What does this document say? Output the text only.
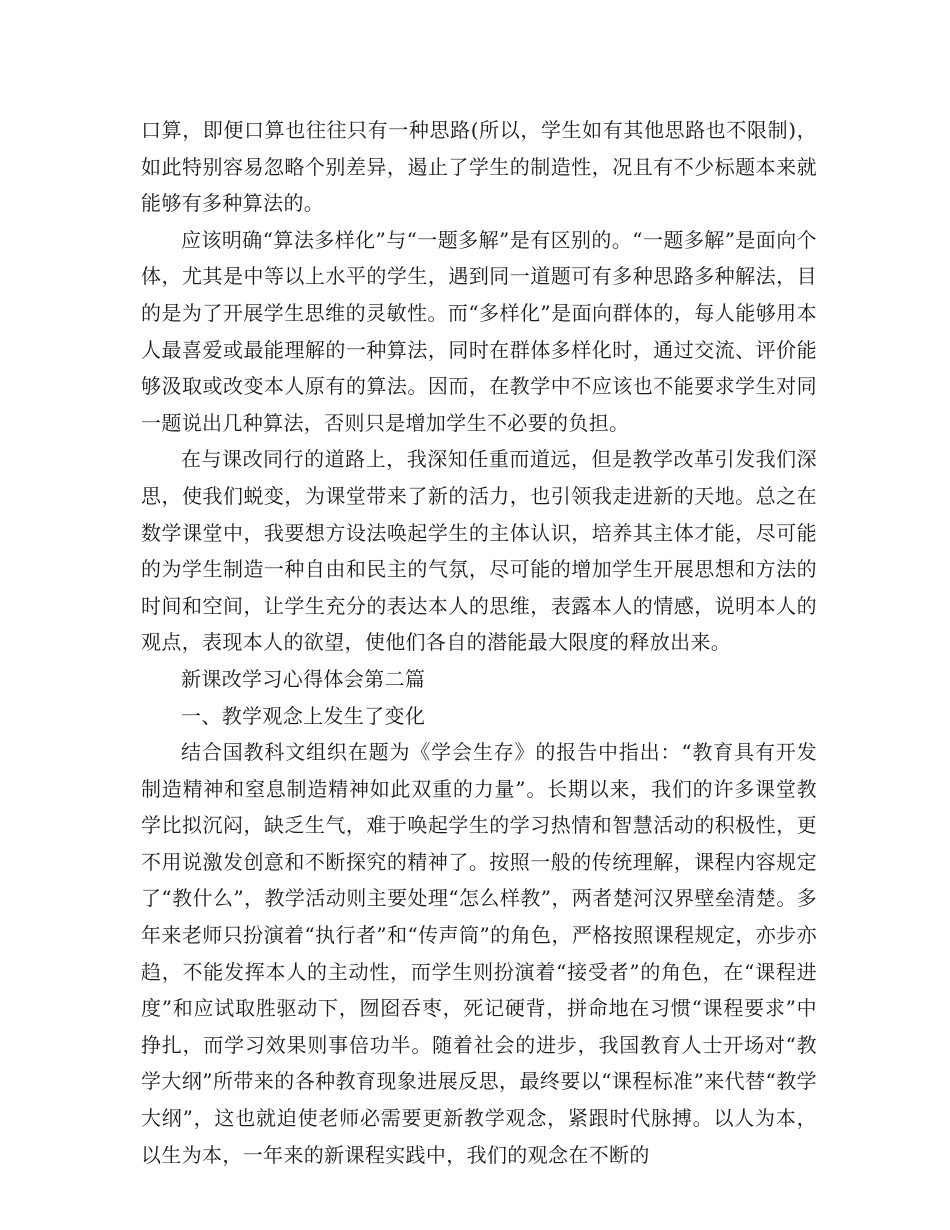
口算，即便口算也往往只有一种思路(所以，学生如有其他思路也不限制)，如此特别容易忽略个别差异，遏止了学生的制造性，况且有不少标题本来就能够有多种算法的。

应该明确“算法多样化”与“一题多解”是有区别的。“一题多解”是面向个体，尤其是中等以上水平的学生，遇到同一道题可有多种思路多种解法，目的是为了开展学生思维的灵敏性。而“多样化”是面向群体的，每人能够用本人最喜爱或最能理解的一种算法，同时在群体多样化时，通过交流、评价能够汲取或改变本人原有的算法。因而，在教学中不应该也不能要求学生对同一题说出几种算法，否则只是增加学生不必要的负担。

在与课改同行的道路上，我深知任重而道远，但是教学改革引发我们深思，使我们蜕变，为课堂带来了新的活力，也引领我走进新的天地。总之在数学课堂中，我要想方设法唤起学生的主体认识，培养其主体才能，尽可能的为学生制造一种自由和民主的气氛，尽可能的增加学生开展思想和方法的时间和空间，让学生充分的表达本人的思维，表露本人的情感，说明本人的观点，表现本人的欲望，使他们各自的潜能最大限度的释放出来。

新课改学习心得体会第二篇

一、教学观念上发生了变化

结合国教科文组织在题为《学会生存》的报告中指出：“教育具有开发制造精神和窒息制造精神如此双重的力量”。长期以来，我们的许多课堂教学比拟沉闷，缺乏生气，难于唤起学生的学习热情和智慧活动的积极性，更不用说激发创意和不断探究的精神了。按照一般的传统理解，课程内容规定了“教什么”，教学活动则主要处理“怎么样教”，两者楚河汉界壁垒清楚。多年来老师只扮演着“执行者”和“传声筒”的角色，严格按照课程规定，亦步亦趋，不能发挥本人的主动性，而学生则扮演着“接受者”的角色，在“课程进度”和应试取胜驱动下，囫囵吞枣，死记硬背，拼命地在习惯“课程要求”中挣扎，而学习效果则事倍功半。随着社会的进步，我国教育人士开场对“教学大纲”所带来的各种教育现象进展反思，最终要以“课程标准”来代替“教学大纲”，这也就迫使老师必需要更新教学观念，紧跟时代脉搏。以人为本，以生为本，一年来的新课程实践中，我们的观念在不断的
